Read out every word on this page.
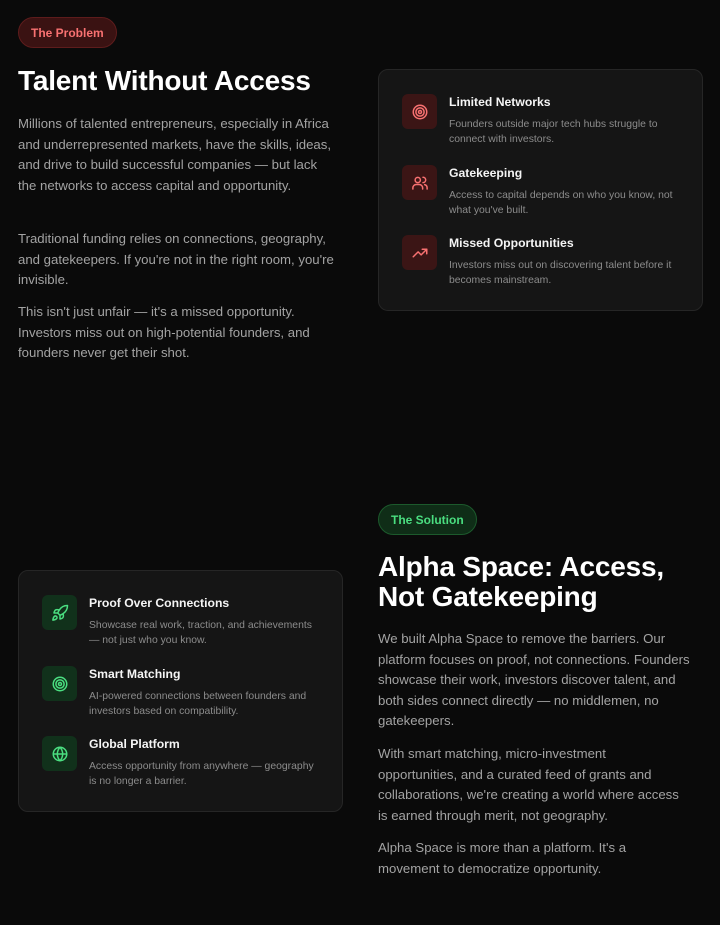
The Problem
Talent Without Access

Millions of talented entrepreneurs, especially in Africa and underrepresented markets, have the skills, ideas, and drive to build successful companies — but lack the networks to access capital and opportunity.

Traditional funding relies on connections, geography, and gatekeepers. If you're not in the right room, you're invisible.

This isn't just unfair — it's a missed opportunity. Investors miss out on high-potential founders, and founders never get their shot.

Limited Networks
Founders outside major tech hubs struggle to connect with investors.
Gatekeeping
Access to capital depends on who you know, not what you've built.
Missed Opportunities
Investors miss out on discovering talent before it becomes mainstream.
Proof Over Connections
Showcase real work, traction, and achievements — not just who you know.
Smart Matching
AI-powered connections between founders and investors based on compatibility.
Global Platform
Access opportunity from anywhere — geography is no longer a barrier.
The Solution
Alpha Space: Access,
Not Gatekeeping

We built Alpha Space to remove the barriers. Our platform focuses on proof, not connections. Founders showcase their work, investors discover talent, and both sides connect directly — no middlemen, no gatekeepers.

With smart matching, micro-investment opportunities, and a curated feed of grants and collaborations, we're creating a world where access is earned through merit, not geography.

Alpha Space is more than a platform. It's a movement to democratize opportunity.
